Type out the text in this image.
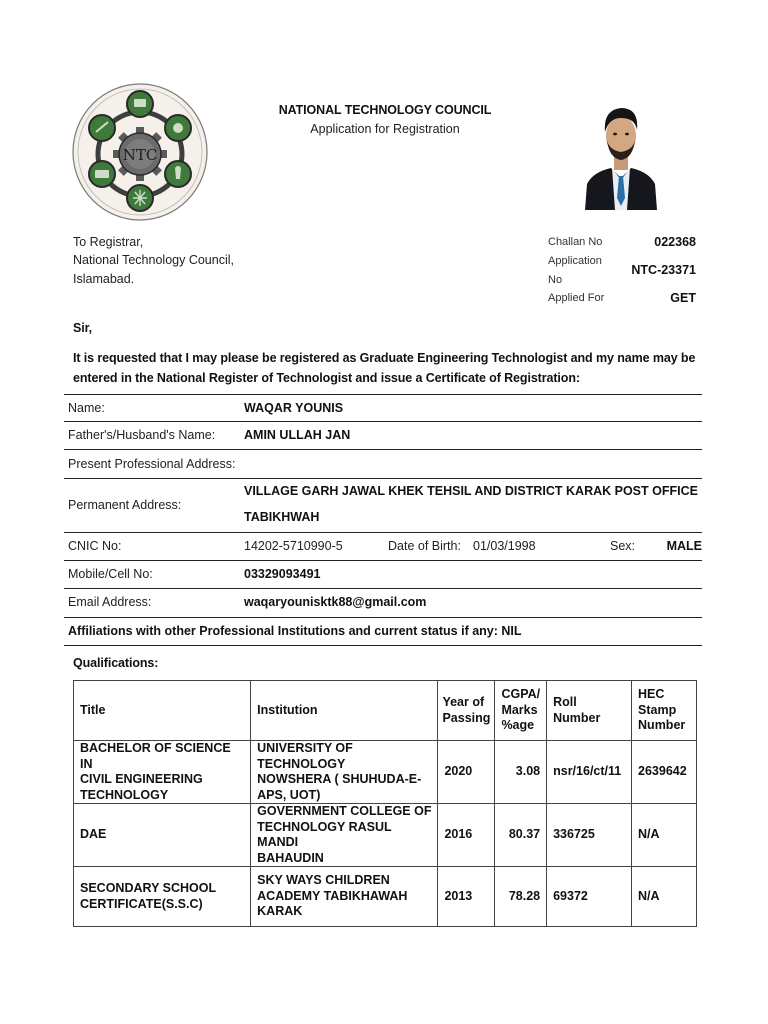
NTC
NATIONAL TECHNOLOGY COUNCIL
Application for Registration
To Registrar,
National Technology Council,
Islamabad.
Challan No	022368
Application
No
NTC-23371
Applied For	GET
Sir,
It is requested that I may please be registered as Graduate Engineering Technologist and my name may be
entered in the National Register of Technologist and issue a Certificate of Registration:
Name:	WAQAR YOUNIS
Father's/Husband's Name: AMIN ULLAH JAN
Present Professional Address:
Permanent Address:
VILLAGE GARH JAWAL KHEK TEHSIL AND DISTRICT KARAK POST OFFICE
TABIKHWAH
CNIC No:	14202-5710990-5	Date of Birth: 01/03/1998	Sex:	MALE
Mobile/Cell No:	03329093491
Email Address:	waqaryounisktk88@gmail.com
Affiliations with other Professional Institutions and current status if any: NIL
Qualifications:
Title	Institution	Year of
Passing	CGPA/
Marks
%age	Roll Number	HEC
Stamp
Number
BACHELOR OF SCIENCE IN
CIVIL ENGINEERING
TECHNOLOGY	UNIVERSITY OF TECHNOLOGY
NOWSHERA ( SHUHUDA-E-
APS, UOT)	2020	3.08	nsr/16/ct/11	2639642
DAE	GOVERNMENT COLLEGE OF
TECHNOLOGY RASUL MANDI
BAHAUDIN	2016	80.37	336725	N/A
SECONDARY SCHOOL
CERTIFICATE(S.S.C)	SKY WAYS CHILDREN
ACADEMY TABIKHAWAH
KARAK	2013	78.28	69372	N/A
